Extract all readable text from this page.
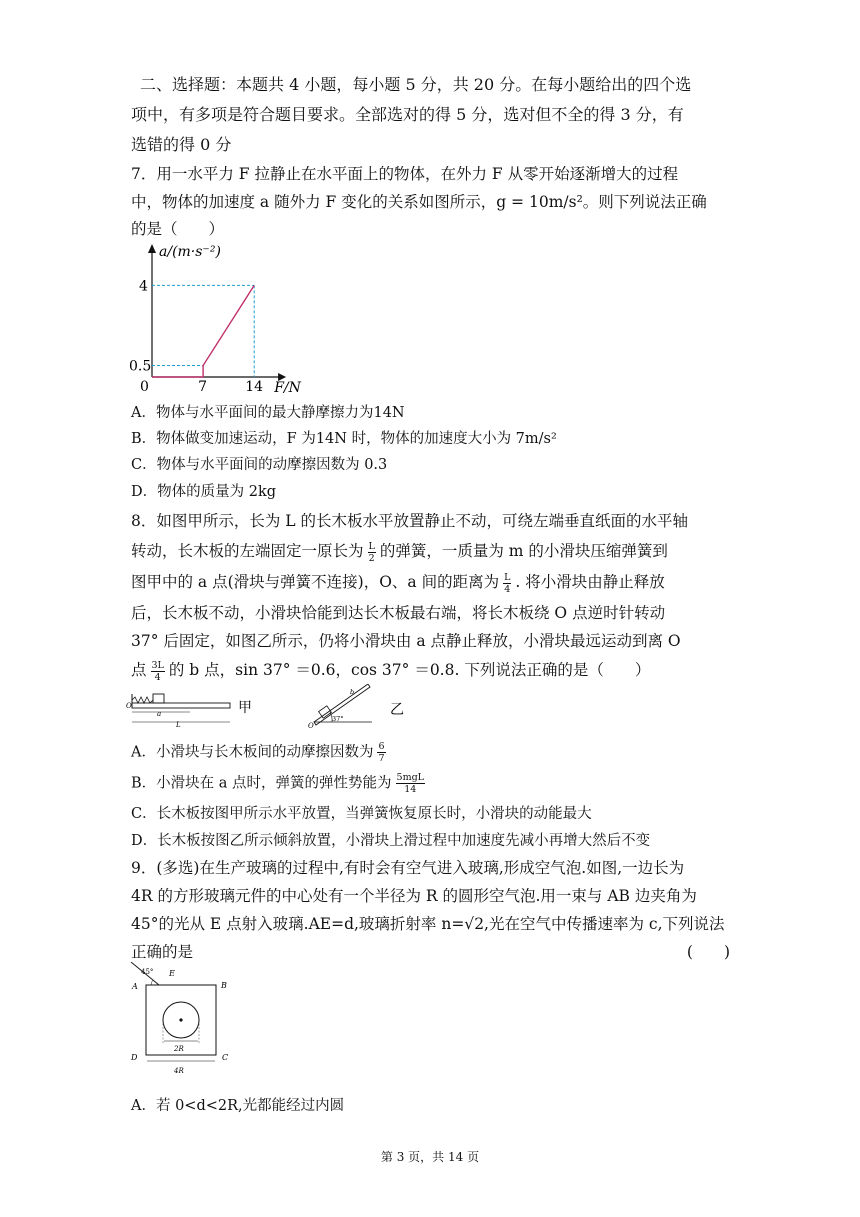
二、选择题：本题共 4 小题，每小题 5 分，共 20 分。在每小题给出的四个选
项中，有多项是符合题目要求。全部选对的得 5 分，选对但不全的得 3 分，有
选错的得 0 分
7．用一水平力 F 拉静止在水平面上的物体，在外力 F 从零开始逐渐增大的过程
中，物体的加速度 a 随外力 F 变化的关系如图所示，g = 10m/s²。则下列说法正确
的是（　　）
0	7	14
0.5
4
a/(m·s⁻²)
F/N
A．物体与水平面间的最大静摩擦力为14N
B．物体做变加速运动，F 为14N 时，物体的加速度大小为 7m/s²
C．物体与水平面间的动摩擦因数为 0.3
D．物体的质量为 2kg
8．如图甲所示，长为 L 的长木板水平放置静止不动，可绕左端垂直纸面的水平轴
转动，长木板的左端固定一原长为 $\frac{L}{2}$ 的弹簧，一质量为 m 的小滑块压缩弹簧到
图甲中的 a 点(滑块与弹簧不连接)，O、a 间的距离为 $\frac{L}{4}$ . 将小滑块由静止释放
后，长木板不动，小滑块恰能到达长木板最右端，将长木板绕 O 点逆时针转动
37° 后固定，如图乙所示，仍将小滑块由 a 点静止释放，小滑块最远运动到离 O
点 $\frac{3L}{4}$ 的 b 点，sin 37° ＝0.6，cos 37° ＝0.8. 下列说法正确的是（　　）
O
a
L
甲
O
37°
b
乙
A．小滑块与长木板间的动摩擦因数为 $\frac{6}{7}$
B．小滑块在 a 点时，弹簧的弹性势能为 $\frac{\text{5mgL}}{14}$
C．长木板按图甲所示水平放置，当弹簧恢复原长时，小滑块的动能最大
D．长木板按图乙所示倾斜放置，小滑块上滑过程中加速度先减小再增大然后不变
9．(多选)在生产玻璃的过程中,有时会有空气进入玻璃,形成空气泡.如图,一边长为
4R 的方形玻璃元件的中心处有一个半径为 R 的圆形空气泡.用一束与 AB 边夹角为
45°的光从 E 点射入玻璃.AE=d,玻璃折射率 n=√2,光在空气中传播速率为 c,下列说法
正确的是	(　　)
45° E
A	B
D	C
2R
4R
A．若 0<d<2R,光都能经过内圆
第 3 页，共 14 页
